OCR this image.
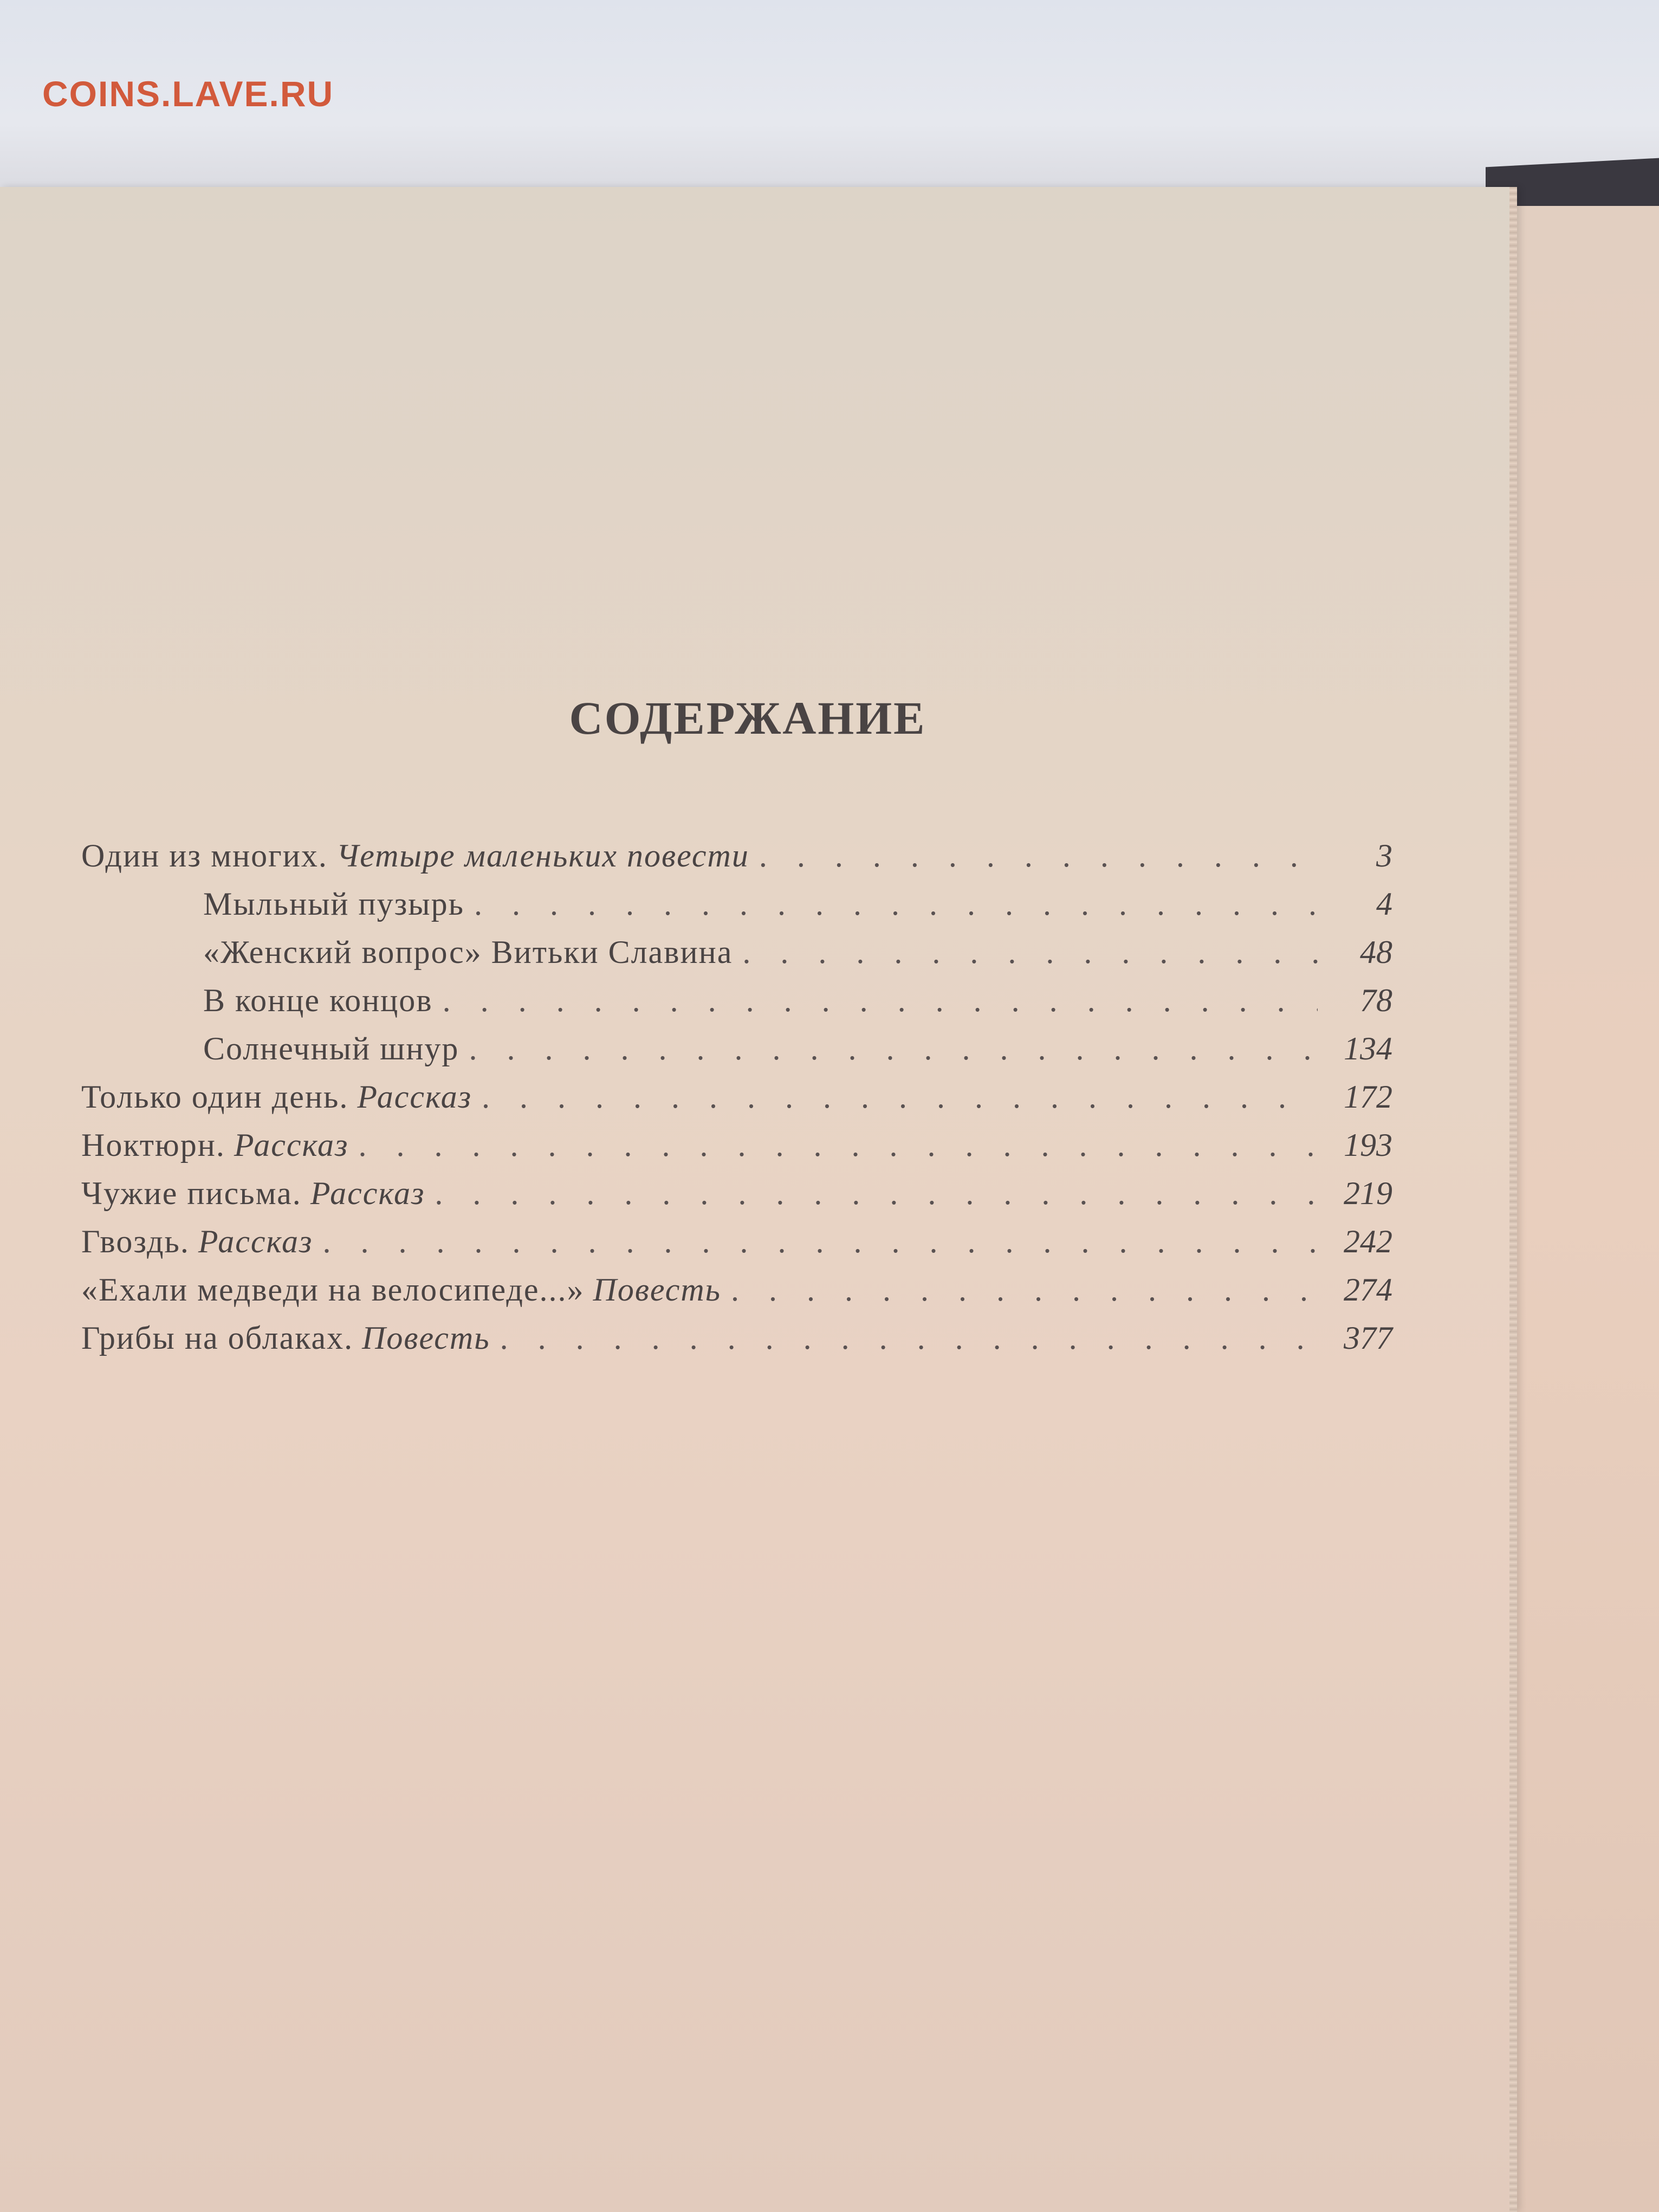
COINS.LAVE.RU
СОДЕРЖАНИЕ
Один из многих. Четыре маленьких повести . . .	3
Мыльный пузырь . . .	4
«Женский вопрос» Витьки Славина . . .	48
В конце концов . . .	78
Солнечный шнур . . .	134
Только один день. Рассказ . . .	172
Ноктюрн. Рассказ . . .	193
Чужие письма. Рассказ . . .	219
Гвоздь. Рассказ . . .	242
«Ехали медведи на велосипеде...» Повесть . . .	274
Грибы на облаках. Повесть . . .	377
